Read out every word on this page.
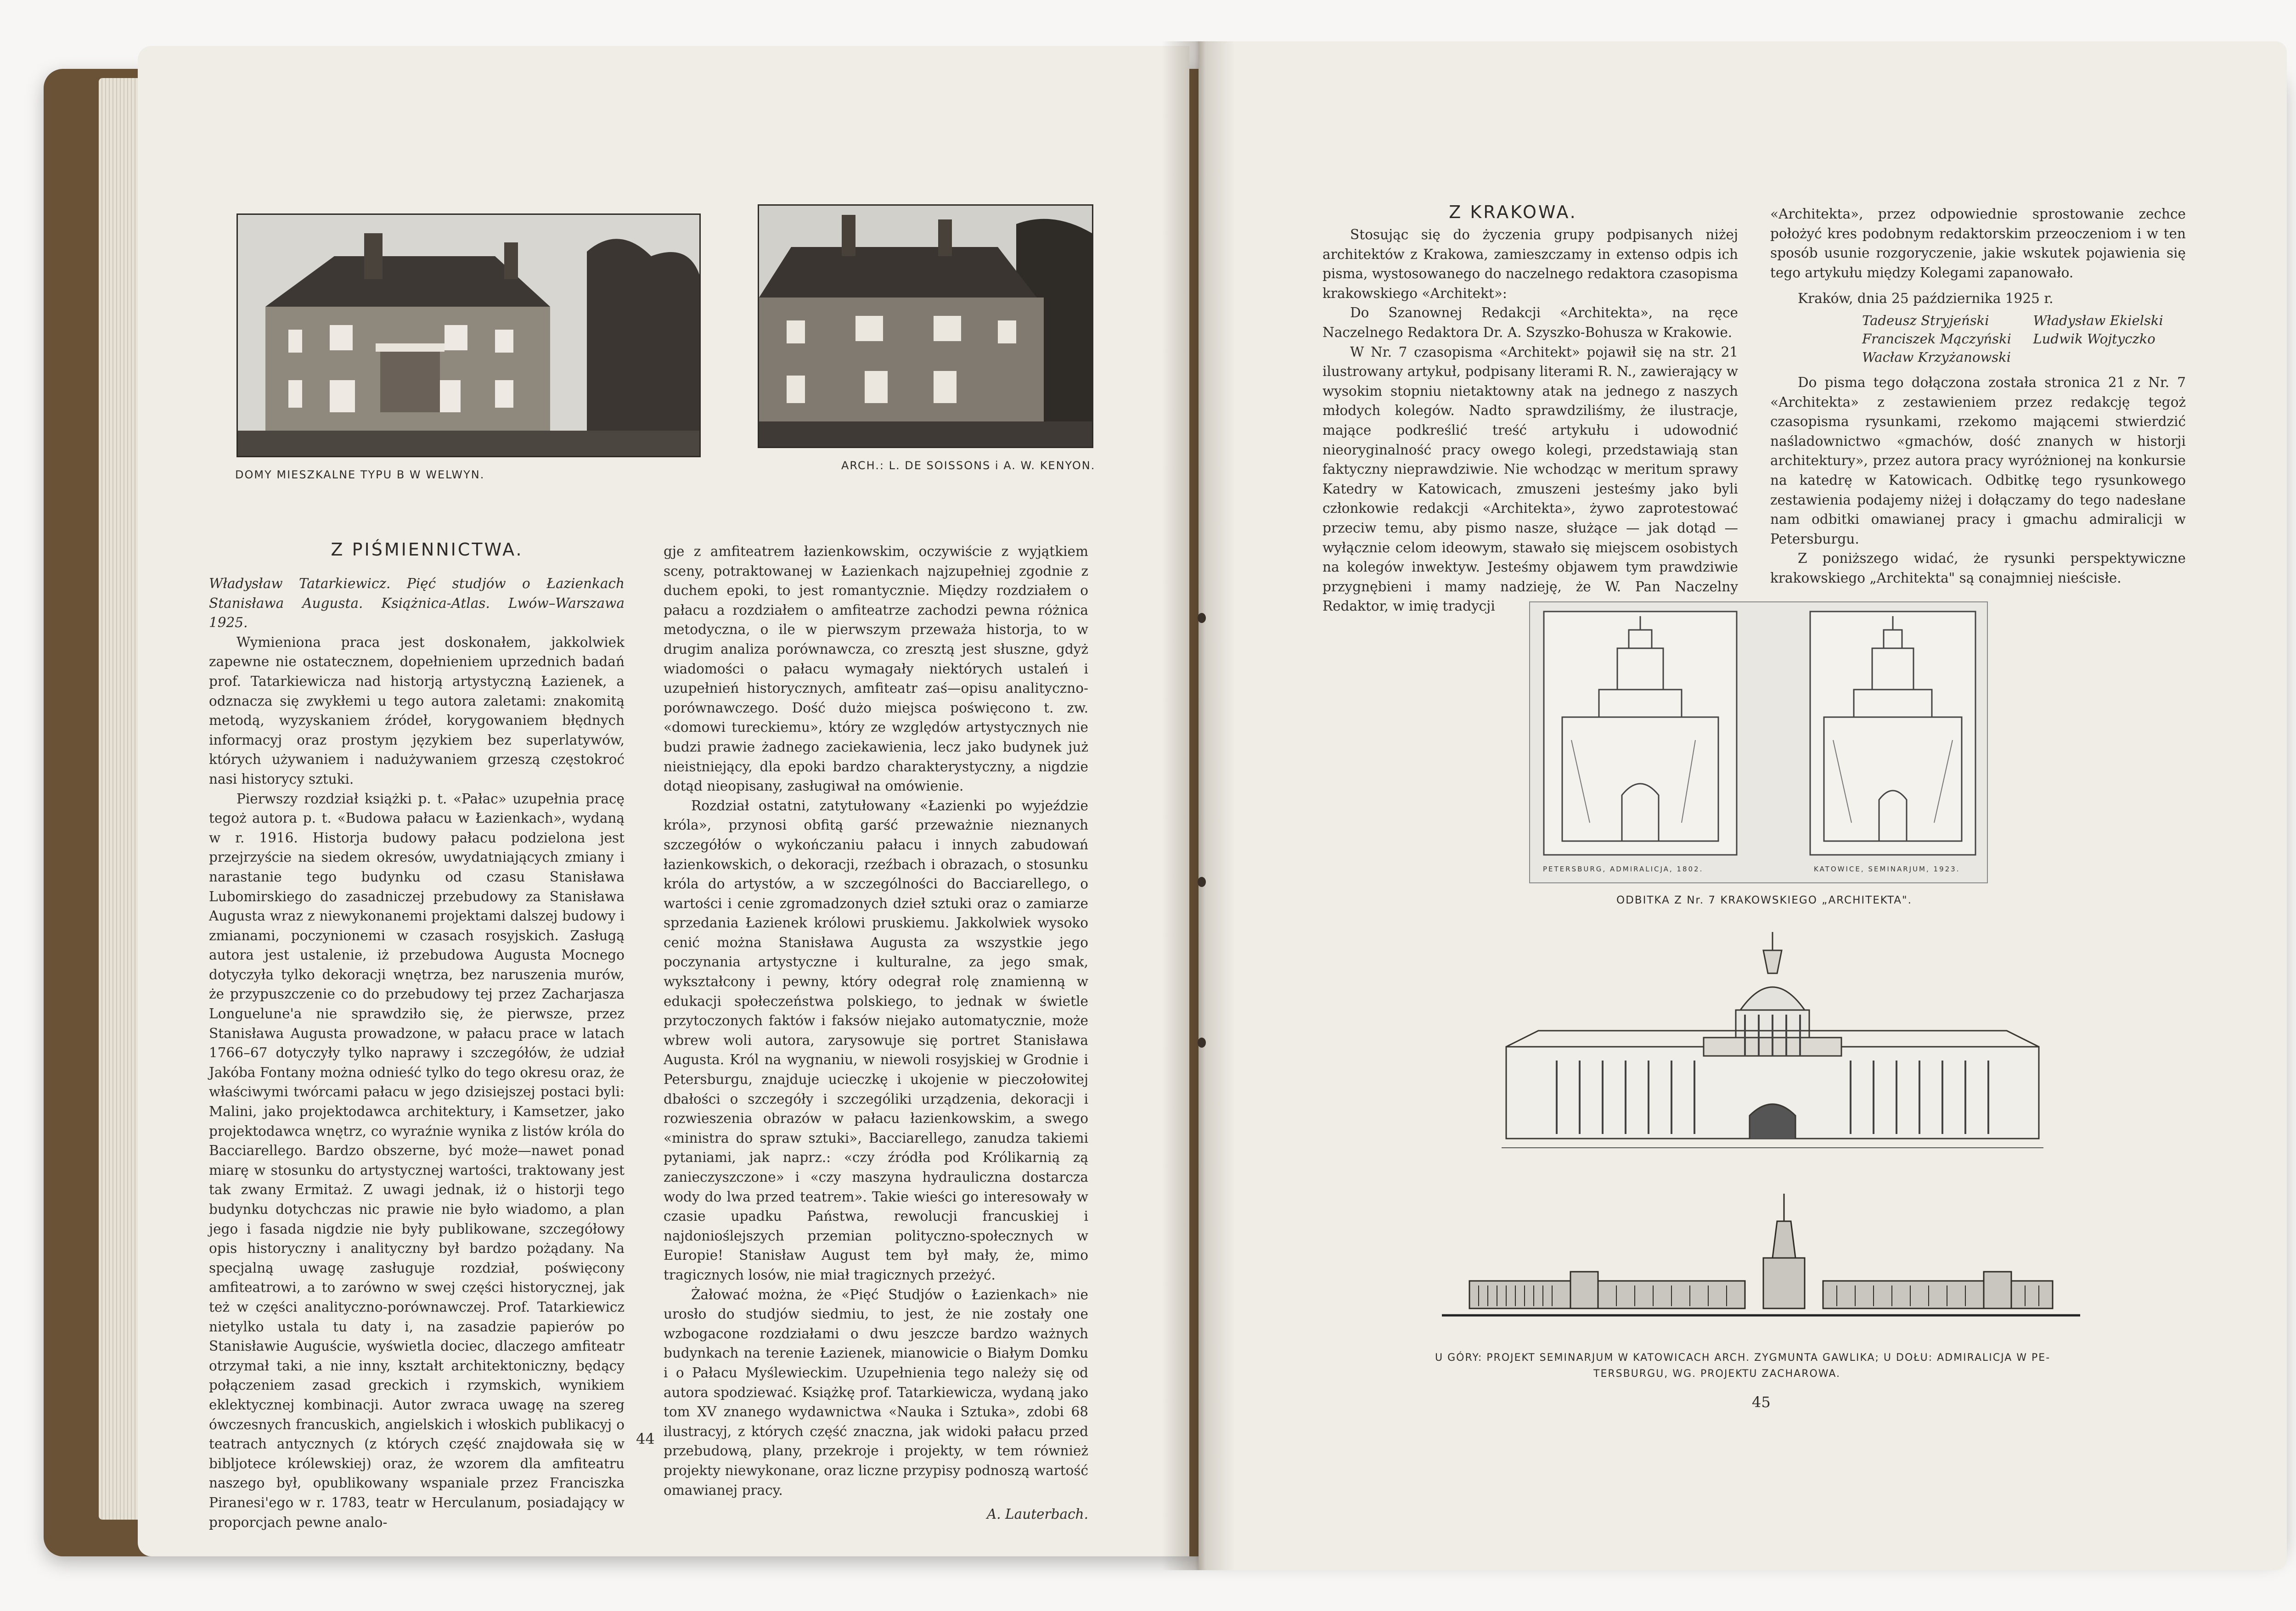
DOMY MIESZKALNE TYPU B W WELWYN.
ARCH.: L. DE SOISSONS i A. W. KENYON.
Z PIŚMIENNICTWA.

Władysław Tatarkiewicz. Pięć studjów o Łazienkach Stanisława Augusta. Książnica-Atlas. Lwów–Warszawa 1925.

Wymieniona praca jest doskonałem, jakkolwiek zapewne nie ostatecznem, dopełnieniem uprzednich badań prof. Tatarkiewicza nad historją artystyczną Łazienek, a odznacza się zwykłemi u tego autora zaletami: znakomitą metodą, wyzyskaniem źródeł, korygowaniem błędnych informacyj oraz prostym językiem bez superlatywów, których używaniem i nadużywaniem grzeszą częstokroć nasi historycy sztuki.

Pierwszy rozdział książki p. t. «Pałac» uzupełnia pracę tegoż autora p. t. «Budowa pałacu w Łazienkach», wydaną w r. 1916. Historja budowy pałacu podzielona jest przejrzyście na siedem okresów, uwydatniających zmiany i narastanie tego budynku od czasu Stanisława Lubomirskiego do zasadniczej przebudowy za Stanisława Augusta wraz z niewykonanemi projektami dalszej budowy i zmianami, poczynionemi w czasach rosyjskich. Zasługą autora jest ustalenie, iż przebudowa Augusta Mocnego dotyczyła tylko dekoracji wnętrza, bez naruszenia murów, że przypuszczenie co do przebudowy tej przez Zacharjasza Longuelune'a nie sprawdziło się, że pierwsze, przez Stanisława Augusta prowadzone, w pałacu prace w latach 1766–67 dotyczyły tylko naprawy i szczegółów, że udział Jakóba Fontany można odnieść tylko do tego okresu oraz, że właściwymi twórcami pałacu w jego dzisiejszej postaci byli: Malini, jako projektodawca architektury, i Kamsetzer, jako projektodawca wnętrz, co wyraźnie wynika z listów króla do Bacciarellego. Bardzo obszerne, być może—nawet ponad miarę w stosunku do artystycznej wartości, traktowany jest tak zwany Ermitaż. Z uwagi jednak, iż o historji tego budynku dotychczas nic prawie nie było wiadomo, a plan jego i fasada nigdzie nie były publikowane, szczegółowy opis historyczny i analityczny był bardzo pożądany. Na specjalną uwagę zasługuje rozdział, poświęcony amfiteatrowi, a to zarówno w swej części historycznej, jak też w części analityczno-porównawczej. Prof. Tatarkiewicz nietylko ustala tu daty i, na zasadzie papierów po Stanisławie Auguście, wyświetla dociec, dlaczego amfiteatr otrzymał taki, a nie inny, kształt architektoniczny, będący połączeniem zasad greckich i rzymskich, wynikiem eklektycznej kombinacji. Autor zwraca uwagę na szereg ówczesnych francuskich, angielskich i włoskich publikacyj o teatrach antycznych (z których część znajdowała się w bibljotece królewskiej) oraz, że wzorem dla amfiteatru naszego był, opublikowany wspaniale przez Franciszka Piranesi'ego w r. 1783, teatr w Herculanum, posiadający w proporcjach pewne analo-

gje z amfiteatrem łazienkowskim, oczywiście z wyjątkiem sceny, potraktowanej w Łazienkach najzupełniej zgodnie z duchem epoki, to jest romantycznie. Między rozdziałem o pałacu a rozdziałem o amfiteatrze zachodzi pewna różnica metodyczna, o ile w pierwszym przeważa historja, to w drugim analiza porównawcza, co zresztą jest słuszne, gdyż wiadomości o pałacu wymagały niektórych ustaleń i uzupełnień historycznych, amfiteatr zaś—opisu analityczno-porównawczego. Dość dużo miejsca poświęcono t. zw. «domowi tureckiemu», który ze względów artystycznych nie budzi prawie żadnego zaciekawienia, lecz jako budynek już nieistniejący, dla epoki bardzo charakterystyczny, a nigdzie dotąd nieopisany, zasługiwał na omówienie.

Rozdział ostatni, zatytułowany «Łazienki po wyjeździe króla», przynosi obfitą garść przeważnie nieznanych szczegółów o wykończaniu pałacu i innych zabudowań łazienkowskich, o dekoracji, rzeźbach i obrazach, o stosunku króla do artystów, a w szczególności do Bacciarellego, o wartości i cenie zgromadzonych dzieł sztuki oraz o zamiarze sprzedania Łazienek królowi pruskiemu. Jakkolwiek wysoko cenić można Stanisława Augusta za wszystkie jego poczynania artystyczne i kulturalne, za jego smak, wykształcony i pewny, który odegrał rolę znamienną w edukacji społeczeństwa polskiego, to jednak w świetle przytoczonych faktów i faksów niejako automatycznie, może wbrew woli autora, zarysowuje się portret Stanisława Augusta. Król na wygnaniu, w niewoli rosyjskiej w Grodnie i Petersburgu, znajduje ucieczkę i ukojenie w pieczołowitej dbałości o szczegóły i szczególiki urządzenia, dekoracji i rozwieszenia obrazów w pałacu łazienkowskim, a swego «ministra do spraw sztuki», Bacciarellego, zanudza takiemi pytaniami, jak naprz.: «czy źródła pod Królikarnią zą zanieczyszczone» i «czy maszyna hydrauliczna dostarcza wody do lwa przed teatrem». Takie wieści go interesowały w czasie upadku Państwa, rewolucji francuskiej i najdonioślejszych przemian polityczno-społecznych w Europie! Stanisław August tem był mały, że, mimo tragicznych losów, nie miał tragicznych przeżyć.

Żałować można, że «Pięć Studjów o Łazienkach» nie urosło do studjów siedmiu, to jest, że nie zostały one wzbogacone rozdziałami o dwu jeszcze bardzo ważnych budynkach na terenie Łazienek, mianowicie o Białym Domku i o Pałacu Myślewieckim. Uzupełnienia tego należy się od autora spodziewać. Książkę prof. Tatarkiewicza, wydaną jako tom XV znanego wydawnictwa «Nauka i Sztuka», zdobi 68 ilustracyj, z których część znaczna, jak widoki pałacu przed przebudową, plany, przekroje i projekty, w tem również projekty niewykonane, oraz liczne przypisy podnoszą wartość omawianej pracy.

A. Lauterbach.
44
Z KRAKOWA.

Stosując się do życzenia grupy podpisanych niżej architektów z Krakowa, zamieszczamy in extenso odpis ich pisma, wystosowanego do naczelnego redaktora czasopisma krakowskiego «Architekt»:

Do Szanownej Redakcji «Architekta», na ręce Naczelnego Redaktora Dr. A. Szyszko-Bohusza w Krakowie.

W Nr. 7 czasopisma «Architekt» pojawił się na str. 21 ilustrowany artykuł, podpisany literami R. N., zawierający w wysokim stopniu nietaktowny atak na jednego z naszych młodych kolegów. Nadto sprawdziliśmy, że ilustracje, mające podkreślić treść artykułu i udowodnić nieoryginalność pracy owego kolegi, przedstawiają stan faktyczny nieprawdziwie. Nie wchodząc w meritum sprawy Katedry w Katowicach, zmuszeni jesteśmy jako byli członkowie redakcji «Architekta», żywo zaprotestować przeciw temu, aby pismo nasze, służące — jak dotąd — wyłącznie celom ideowym, stawało się miejscem osobistych na kolegów inwektyw. Jesteśmy objawem tym prawdziwie przygnębieni i mamy nadzieję, że W. Pan Naczelny Redaktor, w imię tradycji

«Architekta», przez odpowiednie sprostowanie zechce położyć kres podobnym redaktorskim przeoczeniom i w ten sposób usunie rozgoryczenie, jakie wskutek pojawienia się tego artykułu między Kolegami zapanowało.

Kraków, dnia 25 października 1925 r.

Tadeusz Stryjeński	Władysław Ekielski
Franciszek Mączyński Ludwik Wojtyczko
Wacław Krzyżanowski

Do pisma tego dołączona została stronica 21 z Nr. 7 «Architekta» z zestawieniem przez redakcję tegoż czasopisma rysunkami, rzekomo mającemi stwierdzić naśladownictwo «gmachów, dość znanych w historji architektury», przez autora pracy wyróżnionej na konkursie na katedrę w Katowicach. Odbitkę tego rysunkowego zestawienia podajemy niżej i dołączamy do tego nadesłane nam odbitki omawianej pracy i gmachu admiralicji w Petersburgu.

Z poniższego widać, że rysunki perspektywiczne krakowskiego „Architekta" są conajmniej nieścisłe.

PETERSBURG, ADMIRALICJA, 1802.	KATOWICE, SEMINARJUM, 1923.
ODBITKA Z Nr. 7 KRAKOWSKIEGO „ARCHITEKTA".
U GÓRY: PROJEKT SEMINARJUM W KATOWICACH ARCH. ZYGMUNTA GAWLIKA; U DOŁU: ADMIRALICJA W PE-
TERSBURGU, WG. PROJEKTU ZACHAROWA.
45
